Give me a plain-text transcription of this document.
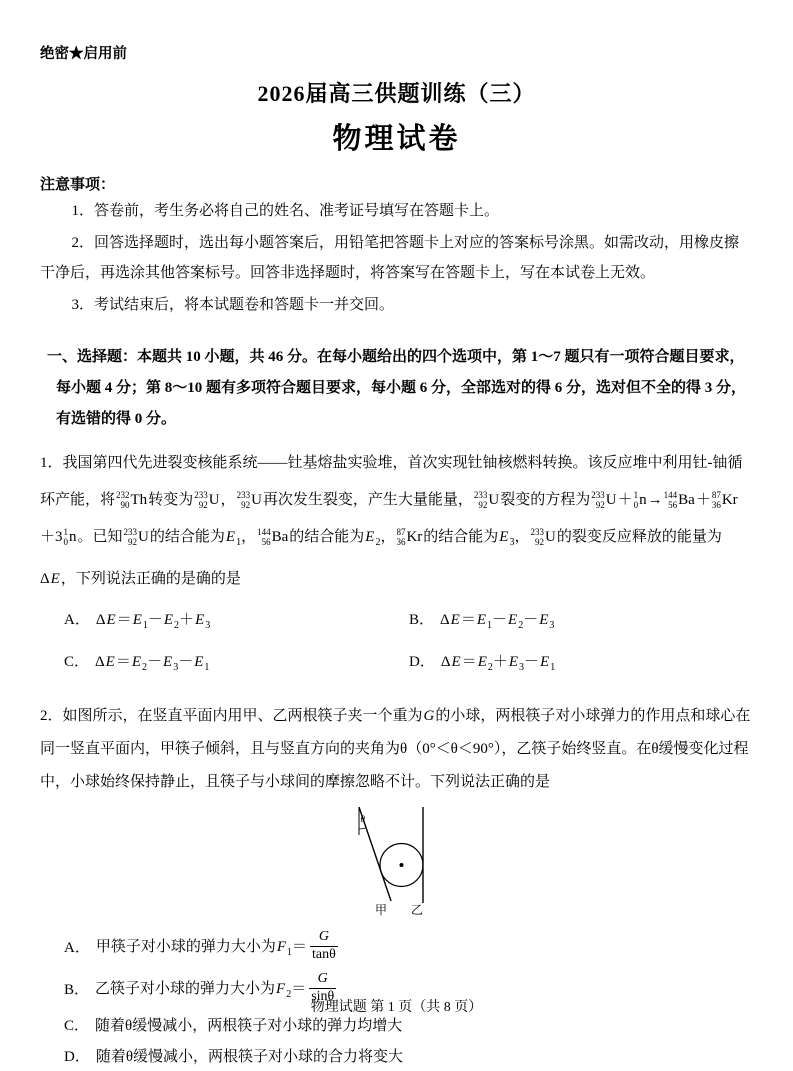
绝密★启用前
2026届高三供题训练（三）
物理试卷
注意事项：

1．答卷前，考生务必将自己的姓名、准考证号填写在答题卡上。

2．回答选择题时，选出每小题答案后，用铅笔把答题卡上对应的答案标号涂黑。如需改动，用橡皮擦干净后，再选涂其他答案标号。回答非选择题时，将答案写在答题卡上，写在本试卷上无效。

3．考试结束后，将本试题卷和答题卡一并交回。

一、选择题：本题共 10 小题，共 46 分。在每小题给出的四个选项中，第 1～7 题只有一项符合题目要求，每小题 4 分；第 8～10 题有多项符合题目要求，每小题 6 分，全部选对的得 6 分，选对但不全的得 3 分，有选错的得 0 分。

1．我国第四代先进裂变核能系统——钍基熔盐实验堆，首次实现钍铀核燃料转换。该反应堆中利用钍-铀循环产能，将 232
90 Th转变为 233
92 U， 233
92 U再次发生裂变，产生大量能量， 233
92 U裂变的方程为 233
92 U＋ 1
0 n→ 144
56 Ba＋ 87
36 Kr＋3 1
0 n。已知 233
92 U的结合能为$E_1$， 144
56 Ba的结合能为$E_2$， 87
36 Kr的结合能为$E_3$， 233
92 U的裂变反应释放的能量为ΔE，下列说法正确的是确的是

A． $\Delta E=E_1-E_2+E_3$	B． $\Delta E=E_1-E_2-E_3$
C． $\Delta E=E_2-E_3-E_1$	D． $\Delta E=E_2+E_3-E_1$

2．如图所示，在竖直平面内用甲、乙两根筷子夹一个重为G的小球，两根筷子对小球弹力的作用点和球心在同一竖直平面内，甲筷子倾斜，且与竖直方向的夹角为θ（0°＜θ＜90°），乙筷子始终竖直。在θ缓慢变化过程中，小球始终保持静止，且筷子与小球间的摩擦忽略不计。下列说法正确的是

θ
甲 乙
A． 甲筷子对小球的弹力大小为$F_1= \frac{G}{\tan\theta}$
B． 乙筷子对小球的弹力大小为$F_2= \frac{G}{\sin\theta}$
C． 随着θ缓慢减小，两根筷子对小球的弹力均增大
D． 随着θ缓慢减小，两根筷子对小球的合力将变大
物理试题 第 1 页（共 8 页）
